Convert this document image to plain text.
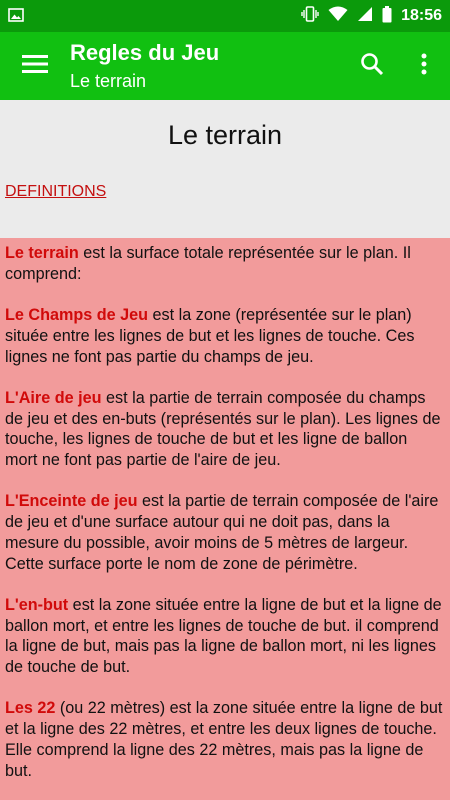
18:56
Regles du Jeu
Le terrain
Le terrain
DEFINITIONS

Le terrain est la surface totale représentée sur le plan. Il comprend:

Le Champs de Jeu est la zone (représentée sur le plan) située entre les lignes de but et les lignes de touche. Ces lignes ne font pas partie du champs de jeu.

L'Aire de jeu est la partie de terrain composée du champs de jeu et des en-buts (représentés sur le plan). Les lignes de touche, les lignes de touche de but et les ligne de ballon mort ne font pas partie de l'aire de jeu.

L'Enceinte de jeu est la partie de terrain composée de l'aire de jeu et d'une surface autour qui ne doit pas, dans la mesure du possible, avoir moins de 5 mètres de largeur. Cette surface porte le nom de zone de périmètre.

L'en-but est la zone située entre la ligne de but et la ligne de ballon mort, et entre les lignes de touche de but. il comprend la ligne de but, mais pas la ligne de ballon mort, ni les lignes de touche de but.

Les 22 (ou 22 mètres) est la zone située entre la ligne de but et la ligne des 22 mètres, et entre les deux lignes de touche. Elle comprend la ligne des 22 mètres, mais pas la ligne de but.
